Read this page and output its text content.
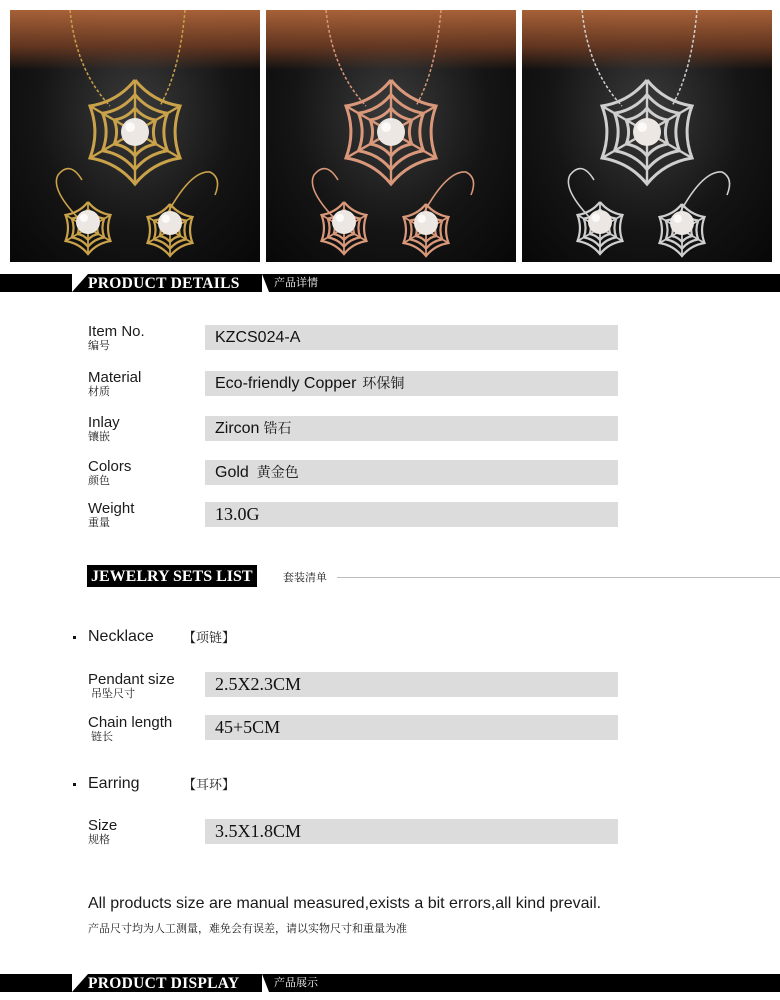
PRODUCT DETAILS	产品详情
Item No.
编号	KZCS024-A
Material
材质	Eco-friendly Copper 环保铜
Inlay
镶嵌	Zircon 锆石
Colors
颜色	Gold 黄金色
Weight
重量	13.0G
JEWELRY SETS LIST	套装清单
Necklace 【项链】
Pendant size
吊坠尺寸	2.5X2.3CM
Chain length
链长	45+5CM
Earring	【耳环】
Size
规格	3.5X1.8CM
All products size are manual measured,exists a bit errors,all kind prevail.
产品尺寸均为人工测量，难免会有误差，请以实物尺寸和重量为准
PRODUCT DISPLAY	产品展示
